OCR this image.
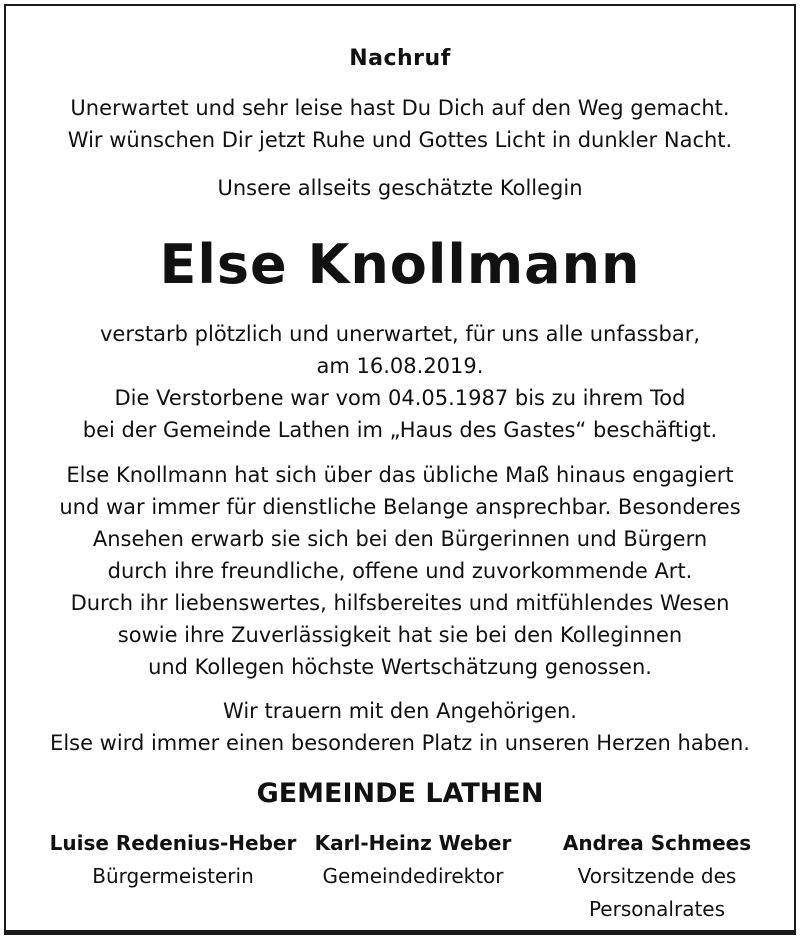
Nachruf
Unerwartet und sehr leise hast Du Dich auf den Weg gemacht.
Wir wünschen Dir jetzt Ruhe und Gottes Licht in dunkler Nacht.
Unsere allseits geschätzte Kollegin
Else Knollmann
verstarb plötzlich und unerwartet, für uns alle unfassbar,
am 16.08.2019.
Die Verstorbene war vom 04.05.1987 bis zu ihrem Tod
bei der Gemeinde Lathen im „Haus des Gastes“ beschäftigt.
Else Knollmann hat sich über das übliche Maß hinaus engagiert
und war immer für dienstliche Belange ansprechbar. Besonderes
Ansehen erwarb sie sich bei den Bürgerinnen und Bürgern
durch ihre freundliche, offene und zuvorkommende Art.
Durch ihr liebenswertes, hilfsbereites und mitfühlendes Wesen
sowie ihre Zuverlässigkeit hat sie bei den Kolleginnen
und Kollegen höchste Wertschätzung genossen.
Wir trauern mit den Angehörigen.
Else wird immer einen besonderen Platz in unseren Herzen haben.
GEMEINDE LATHEN
Luise Redenius-Heber
Bürgermeisterin
Karl-Heinz Weber
Gemeindedirektor
Andrea Schmees
Vorsitzende des
Personalrates
